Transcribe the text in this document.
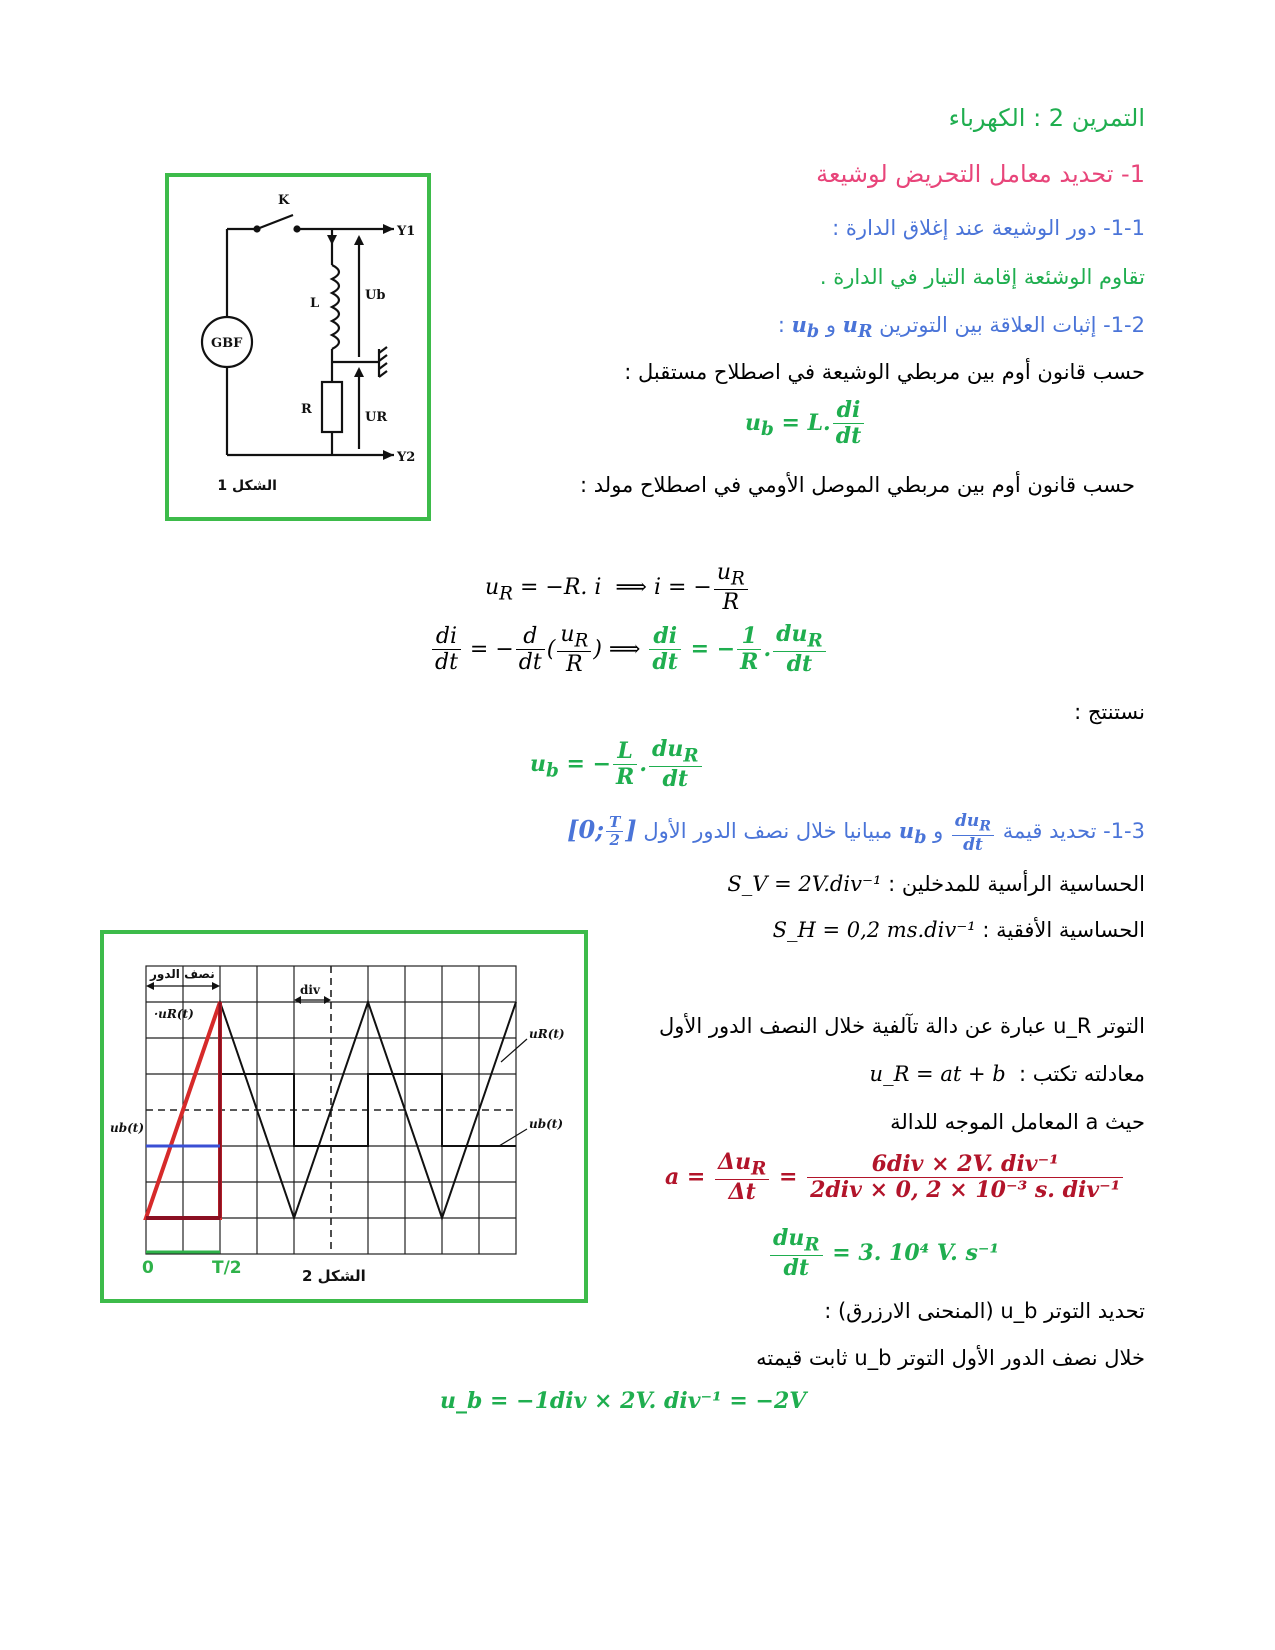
التمرين 2 : الكهرباء
1- تحديد معامل التحريض لوشيعة
1-1- دور الوشيعة عند إغلاق الدارة :
تقاوم الوشئعة إقامة التيار في الدارة .
1-2- إثبات العلاقة بين التوترين $u_R$ و $u_b$ :
حسب قانون أوم بين مربطي الوشيعة في اصطلاح مستقبل :
$u_b = L$. $\frac{di}{dt}$
حسب قانون أوم بين مربطي الموصل الأومي في اصطلاح مولد :
$u_R = -R$. i  ⟹ i = − $\frac{u_R}{R}$
$\frac{di}{dt}$ = − $\frac{d}{dt}$ ( $\frac{u_R}{R}$ ) ⟹ $\frac{di}{dt}$ = − $\frac{1}{R}$ . $\frac{du_R}{dt}$
نستنتج :
$u_b$ = − $\frac{L}{R}$ . $\frac{du_R}{dt}$
1-3- تحديد قيمة
$\frac{du_R}{dt}$
و $u_b$ مبيانيا خلال نصف الدور الأول [0; $\frac{T}{2}$ ]
الحساسية الرأسية للمدخلين : S_V = 2V.div⁻¹
الحساسية الأفقية : S_H = 0,2 ms.div⁻¹
التوتر u_R عبارة عن دالة تآلفية خلال النصف الدور الأول
معادلته تكتب :  u_R = at + b
حيث a المعامل الموجه للدالة
$a = \frac{\Delta u_R}{\Delta t} = \frac{\text{6div × 2V. div⁻¹}}{\text{2div × 0, 2 × 10⁻³ s. div⁻¹}}$
$\frac{du_R}{dt} = 3$. 10⁴ V. s⁻¹
تحديد التوتر u_b (المنحنى الارزرق) :
خلال نصف الدور الأول التوتر u_b ثابت قيمته
u_b = −1div × 2V. div⁻¹ = −2V
K
GBF
L
R
Ub
UR
Y1
Y2
الشكل 1
نصف الدور
div
·uR(t)
uR(t)
ub(t)	ub(t)
0	T/2	الشكل 2
